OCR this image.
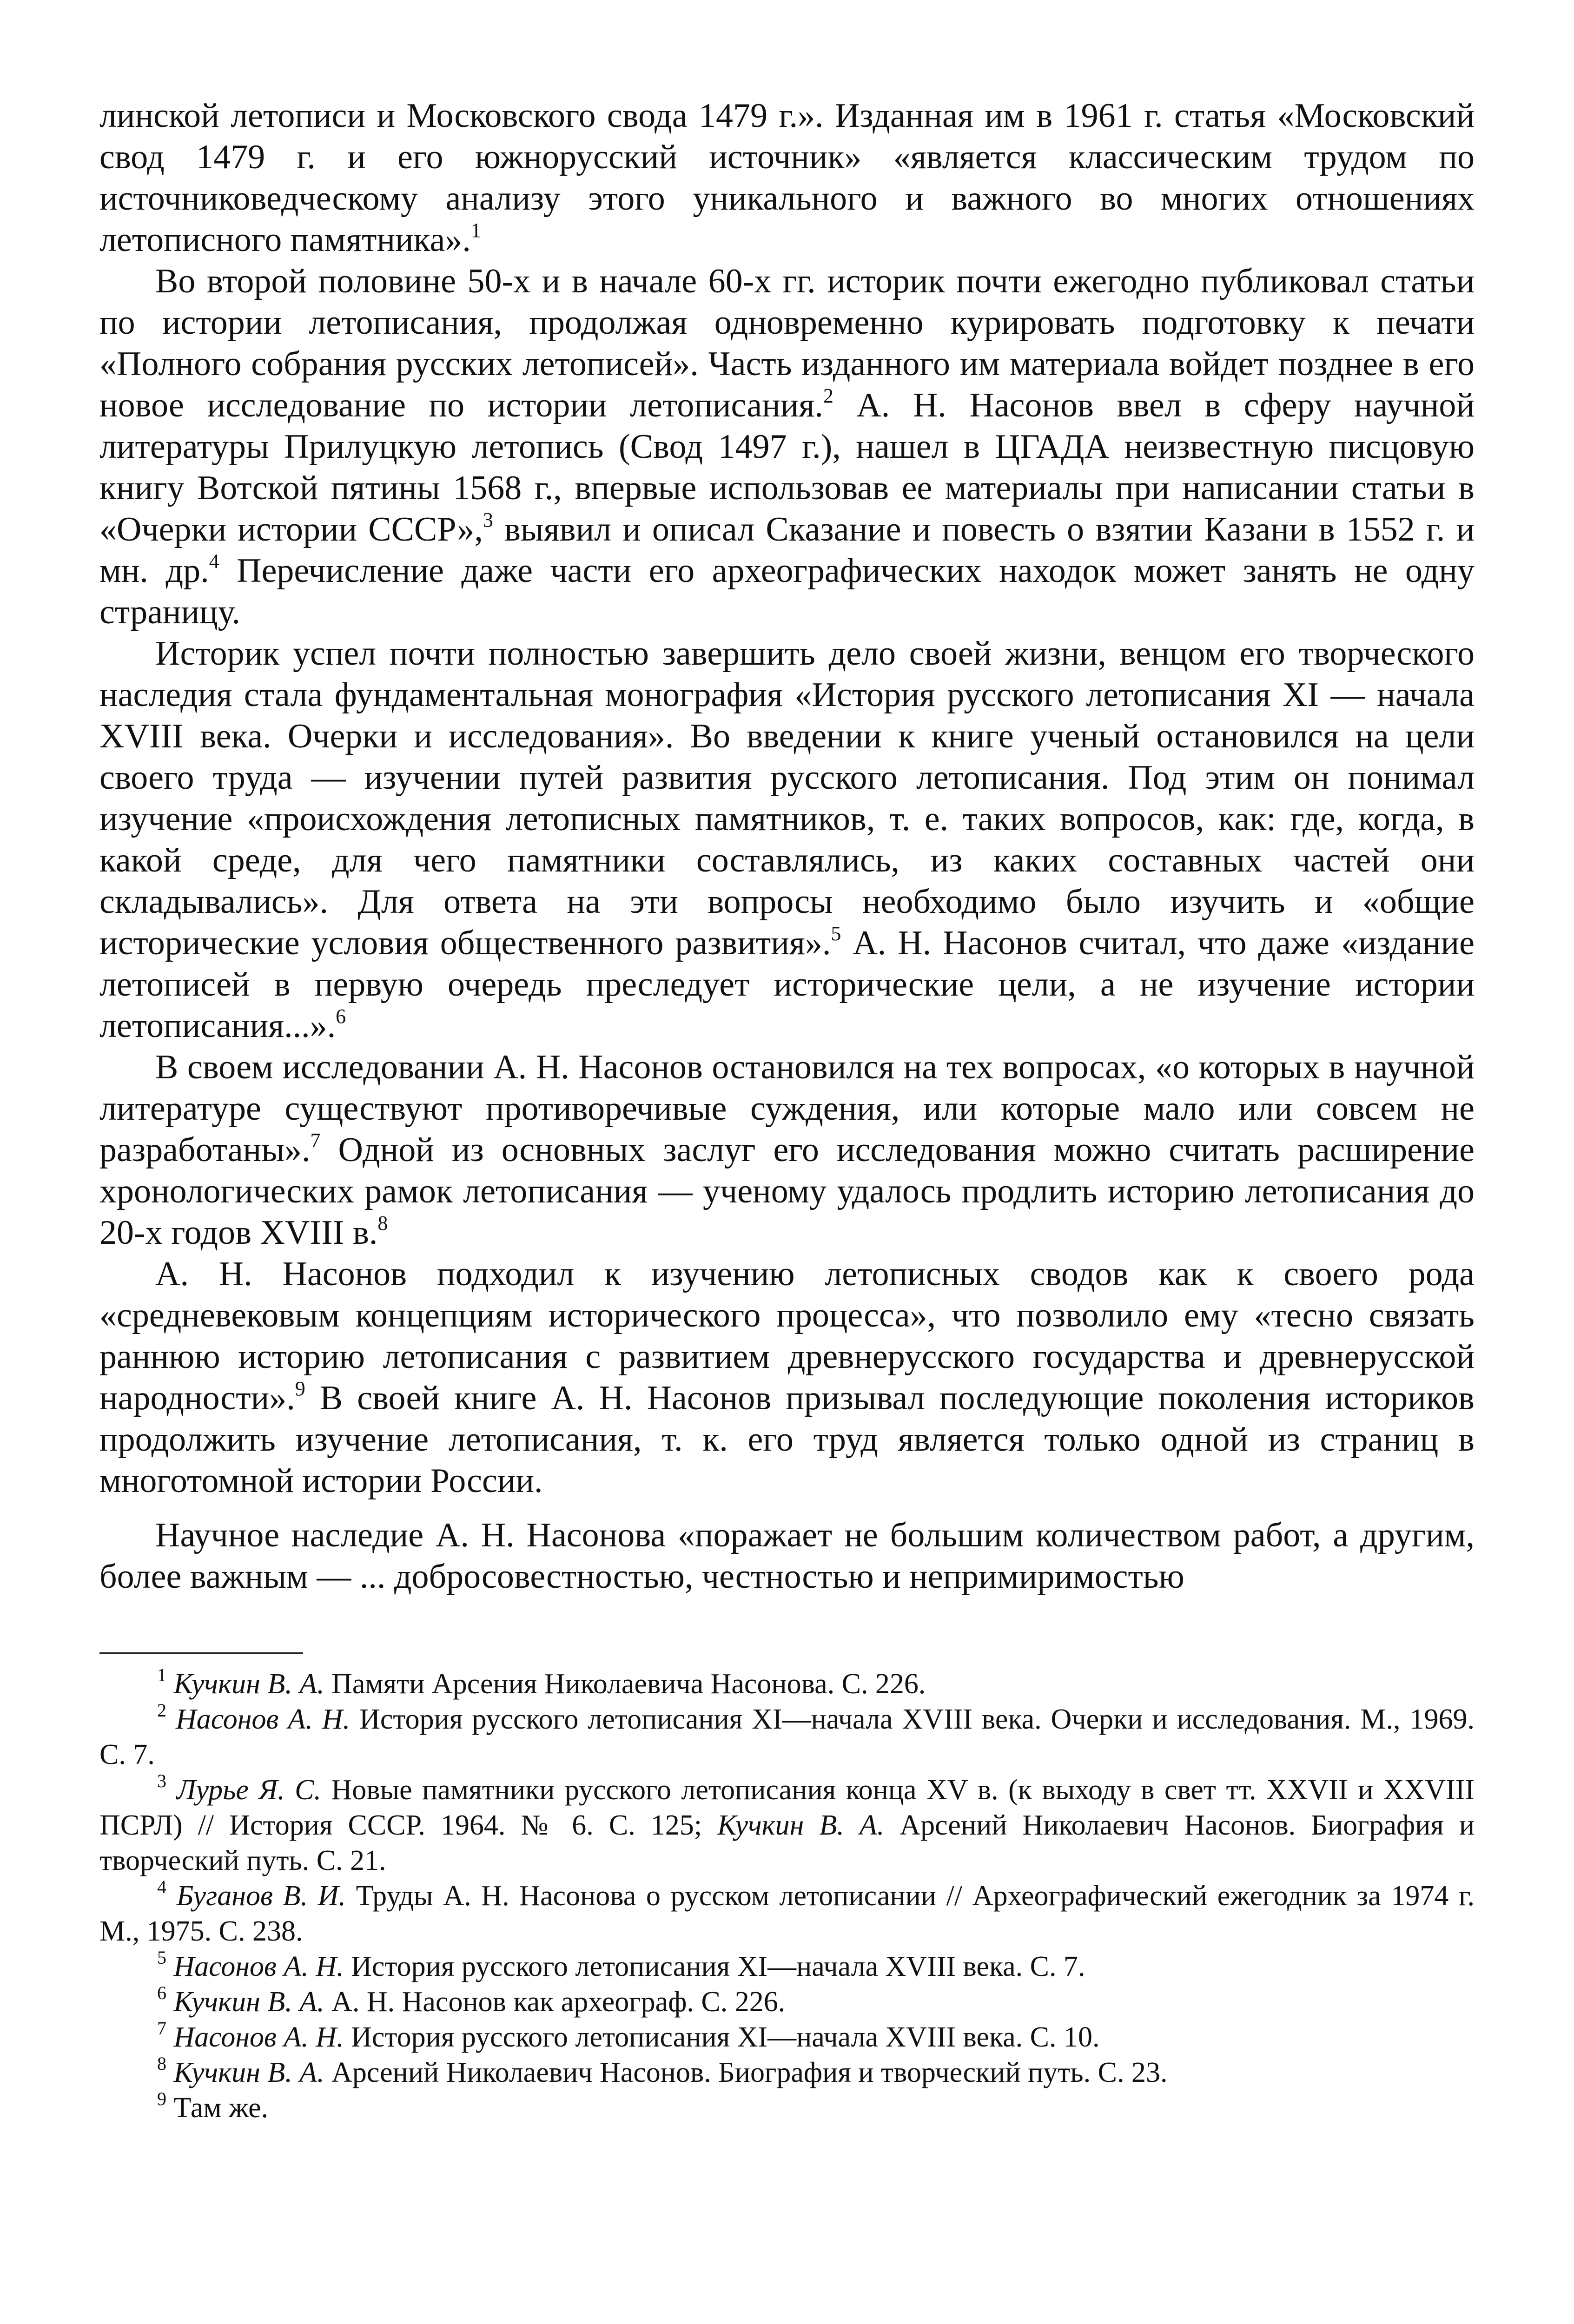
линской летописи и Московского свода 1479 г.». Изданная им в 1961 г. статья «Московский свод 1479 г. и его южнорусский источник» «является классическим трудом по источниковедческому анализу этого уникального и важного во многих отношениях летописного памятника».$^1$

Во второй половине 50-х и в начале 60-х гг. историк почти ежегодно публиковал статьи по истории летописания, продолжая одновременно курировать подготовку к печати «Полного собрания русских летописей». Часть изданного им материала войдет позднее в его новое исследование по истории летописания.$^2$ А. Н. Насонов ввел в сферу научной литературы Прилуцкую летопись (Свод 1497 г.), нашел в ЦГАДА неизвестную писцовую книгу Вотской пятины 1568 г., впервые использовав ее материалы при написании статьи в «Очерки истории СССР»,$^3$ выявил и описал Сказание и повесть о взятии Казани в 1552 г. и мн. др.$^4$ Перечисление даже части его археографических находок может занять не одну страницу.

Историк успел почти полностью завершить дело своей жизни, венцом его творческого наследия стала фундаментальная монография «История русского летописания XI — начала XVIII века. Очерки и исследования». Во введении к книге ученый остановился на цели своего труда — изучении путей развития русского летописания. Под этим он понимал изучение «происхождения летописных памятников, т. е. таких вопросов, как: где, когда, в какой среде, для чего памятники составлялись, из каких составных частей они складывались». Для ответа на эти вопросы необходимо было изучить и «общие исторические условия общественного развития».$^5$ А. Н. Насонов считал, что даже «издание летописей в первую очередь преследует исторические цели, а не изучение истории летописания...».$^6$

В своем исследовании А. Н. Насонов остановился на тех вопросах, «о которых в научной литературе существуют противоречивые суждения, или которые мало или совсем не разработаны».$^7$ Одной из основных заслуг его исследования можно считать расширение хронологических рамок летописания — ученому удалось продлить историю летописания до 20-х годов XVIII в.$^8$

А. Н. Насонов подходил к изучению летописных сводов как к своего рода «средневековым концепциям исторического процесса», что позволило ему «тесно связать раннюю историю летописания с развитием древнерусского государства и древнерусской народности».$^9$ В своей книге А. Н. Насонов призывал последующие поколения историков продолжить изучение летописания, т. к. его труд является только одной из страниц в многотомной истории России.

Научное наследие А. Н. Насонова «поражает не большим количеством работ, а другим, более важным — ... добросовестностью, честностью и непримиримостью

$^1$ Кучкин В. А. Памяти Арсения Николаевича Насонова. С. 226.

$^2$ Насонов А. Н. История русского летописания XI—начала XVIII века. Очерки и исследования. М., 1969. С. 7.

$^3$ Лурье Я. С. Новые памятники русского летописания конца XV в. (к выходу в свет тт. XXVII и XXVIII ПСРЛ) // История СССР. 1964. № 6. С. 125; Кучкин В. А. Арсений Николаевич Насонов. Биография и творческий путь. С. 21.

$^4$ Буганов В. И. Труды А. Н. Насонова о русском летописании // Археографический ежегодник за 1974 г. М., 1975. С. 238.

$^5$ Насонов А. Н. История русского летописания XI—начала XVIII века. С. 7.

$^6$ Кучкин В. А. А. Н. Насонов как археограф. С. 226.

$^7$ Насонов А. Н. История русского летописания XI—начала XVIII века. С. 10.

$^8$ Кучкин В. А. Арсений Николаевич Насонов. Биография и творческий путь. С. 23.

$^9$ Там же.
